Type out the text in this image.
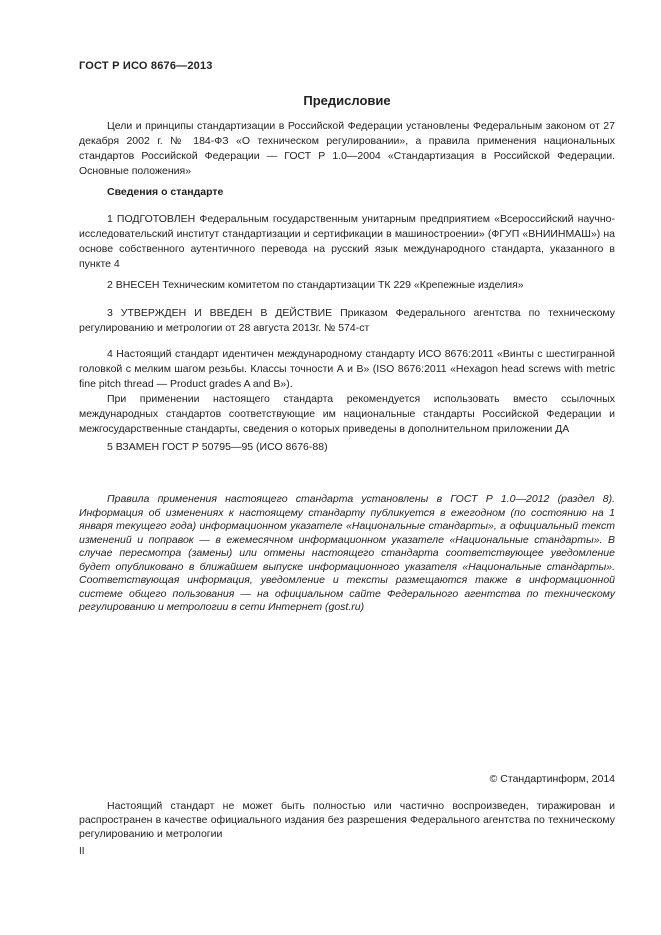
ГОСТ Р ИСО 8676—2013
Предисловие

Цели и принципы стандартизации в Российской Федерации установлены Федеральным законом от 27 декабря 2002 г. № 184-ФЗ «О техническом регулировании», а правила применения национальных стандартов Российской Федерации — ГОСТ Р 1.0—2004 «Стандартизация в Российской Федерации. Основные положения»

Сведения о стандарте

1 ПОДГОТОВЛЕН Федеральным государственным унитарным предприятием «Всероссийский научно-исследовательский институт стандартизации и сертификации в машиностроении» (ФГУП «ВНИИНМАШ») на основе собственного аутентичного перевода на русский язык международного стандарта, указанного в пункте 4

2 ВНЕСЕН Техническим комитетом по стандартизации ТК 229 «Крепежные изделия»

3 УТВЕРЖДЕН И ВВЕДЕН В ДЕЙСТВИЕ Приказом Федерального агентства по техническому регулированию и метрологии от 28 августа 2013г. № 574-ст

4 Настоящий стандарт идентичен международному стандарту ИСО 8676:2011 «Винты с шестигранной головкой с мелким шагом резьбы. Классы точности А и В» (ISO 8676:2011 «Hexagon head screws with metric fine pitch thread — Product grades A and B»).

При применении настоящего стандарта рекомендуется использовать вместо ссылочных международных стандартов соответствующие им национальные стандарты Российской Федерации и межгосударственные стандарты, сведения о которых приведены в дополнительном приложении ДА

5 ВЗАМЕН ГОСТ Р 50795—95 (ИСО 8676-88)

Правила применения настоящего стандарта установлены в ГОСТ Р 1.0—2012 (раздел 8). Информация об изменениях к настоящему стандарту публикуется в ежегодном (по состоянию на 1 января текущего года) информационном указателе «Национальные стандарты», а официальный текст изменений и поправок — в ежемесячном информационном указателе «Национальные стандарты». В случае пересмотра (замены) или отмены настоящего стандарта соответствующее уведомление будет опубликовано в ближайшем выпуске информационного указателя «Национальные стандарты». Соответствующая информация, уведомление и тексты размещаются также в информационной системе общего пользования — на официальном сайте Федерального агентства по техническому регулированию и метрологии в сети Интернет (gost.ru)

© Стандартинформ, 2014

Настоящий стандарт не может быть полностью или частично воспроизведен, тиражирован и распространен в качестве официального издания без разрешения Федерального агентства по техническому регулированию и метрологии

II
